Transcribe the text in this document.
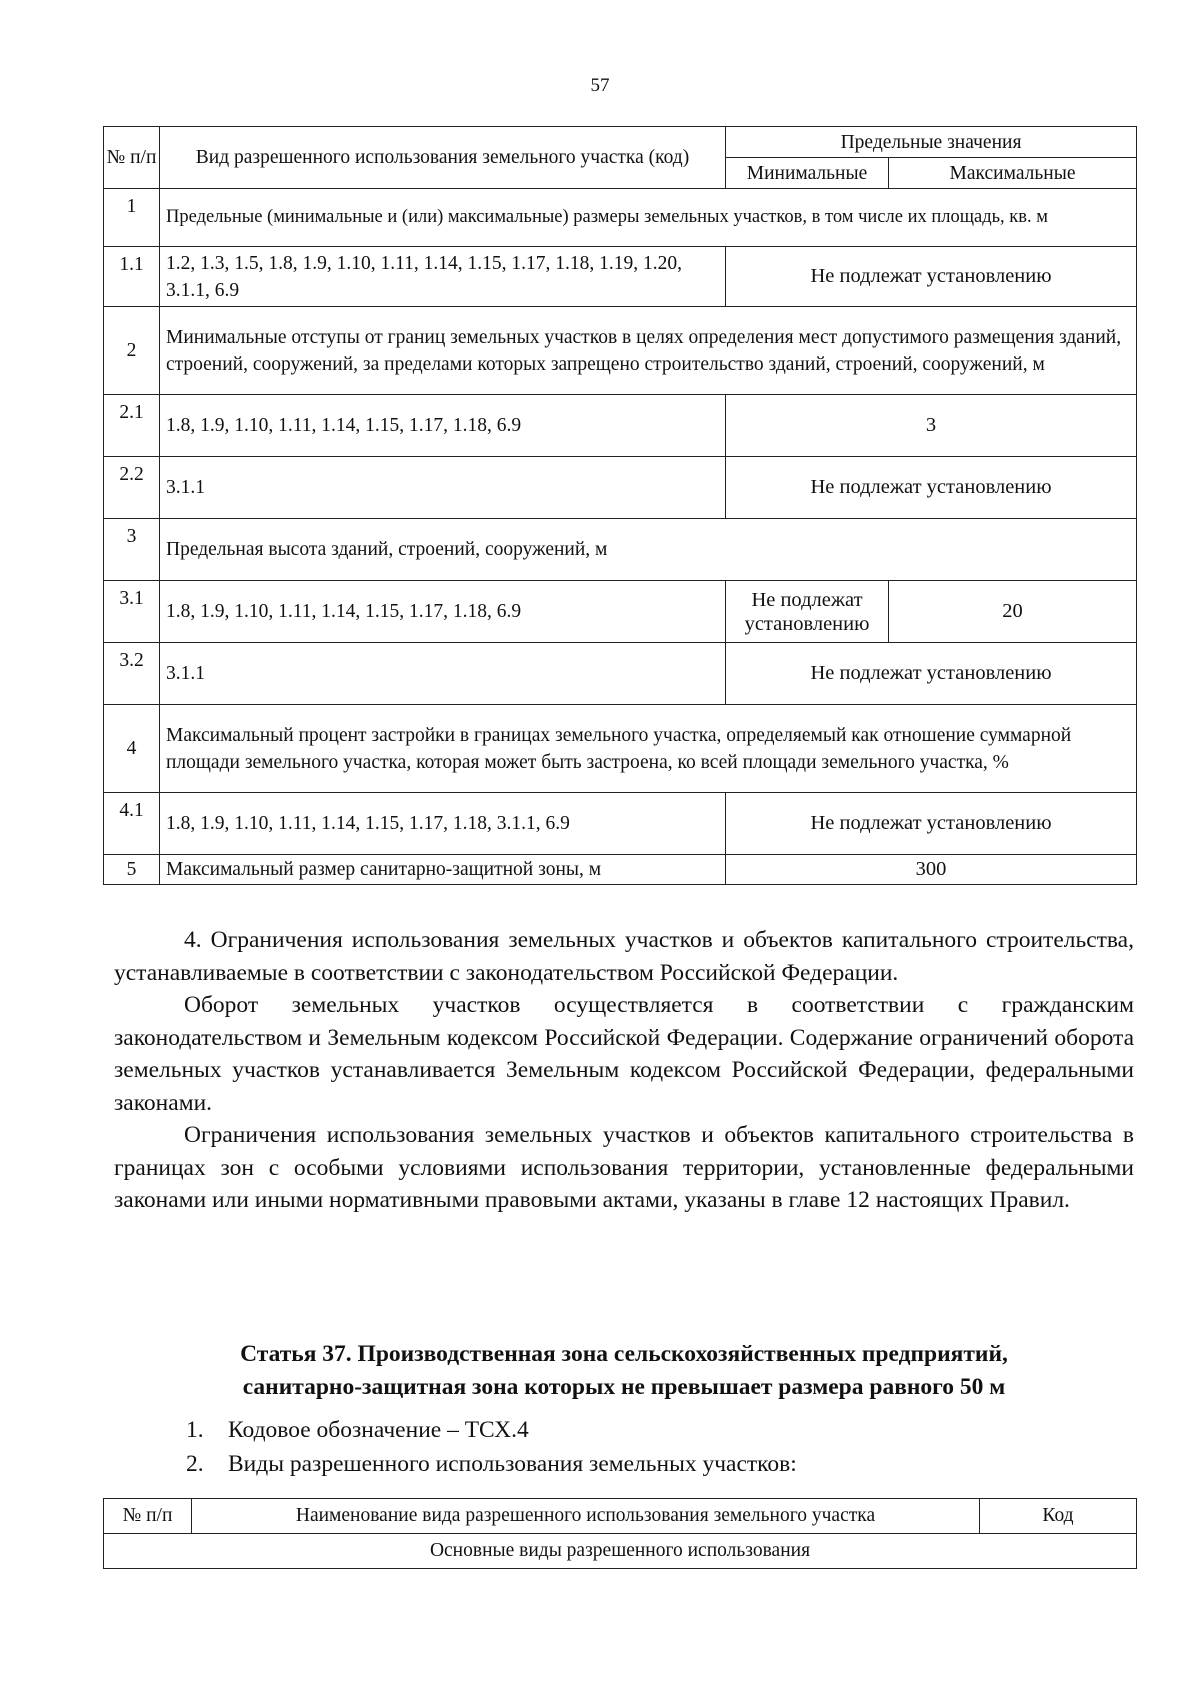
57
№ п/п	Вид разрешенного использования земельного участка (код)	Предельные значения	
		Минимальные	Максимальные
1	Предельные (минимальные и (или) максимальные) размеры земельных участков, в том числе их площадь, кв. м		
1.1	1.2, 1.3, 1.5, 1.8, 1.9, 1.10, 1.11, 1.14, 1.15, 1.17, 1.18, 1.19, 1.20, 3.1.1, 6.9	Не подлежат установлению	
2	Минимальные отступы от границ земельных участков в целях определения мест допустимого размещения зданий, строений, сооружений, за пределами которых запрещено строительство зданий, строений, сооружений, м		
2.1	1.8, 1.9, 1.10, 1.11, 1.14, 1.15, 1.17, 1.18, 6.9	3	
2.2	3.1.1	Не подлежат установлению	
3	Предельная высота зданий, строений, сооружений, м		
3.1	1.8, 1.9, 1.10, 1.11, 1.14, 1.15, 1.17, 1.18, 6.9	Не подлежат установлению	20
3.2	3.1.1	Не подлежат установлению	
4	Максимальный процент застройки в границах земельного участка, определяемый как отношение суммарной площади земельного участка, которая может быть застроена, ко всей площади земельного участка, %		
4.1	1.8, 1.9, 1.10, 1.11, 1.14, 1.15, 1.17, 1.18, 3.1.1, 6.9	Не подлежат установлению	
5	Максимальный размер санитарно-защитной зоны, м	300	

4. Ограничения использования земельных участков и объектов капитального строительства, устанавливаемые в соответствии с законодательством Российской Федерации.

Оборот земельных участков осуществляется в соответствии с гражданским законодательством и Земельным кодексом Российской Федерации. Содержание ограничений оборота земельных участков устанавливается Земельным кодексом Российской Федерации, федеральными законами.

Ограничения использования земельных участков и объектов капитального строительства в границах зон с особыми условиями использования территории, установленные федеральными законами или иными нормативными правовыми актами, указаны в главе 12 настоящих Правил.

Статья 37. Производственная зона сельскохозяйственных предприятий,
санитарно-защитная зона которых не превышает размера равного 50 м
1. Кодовое обозначение – ТСХ.4
2. Виды разрешенного использования земельных участков:
№ п/п	Наименование вида разрешенного использования земельного участка	Код
Основные виды разрешенного использования
